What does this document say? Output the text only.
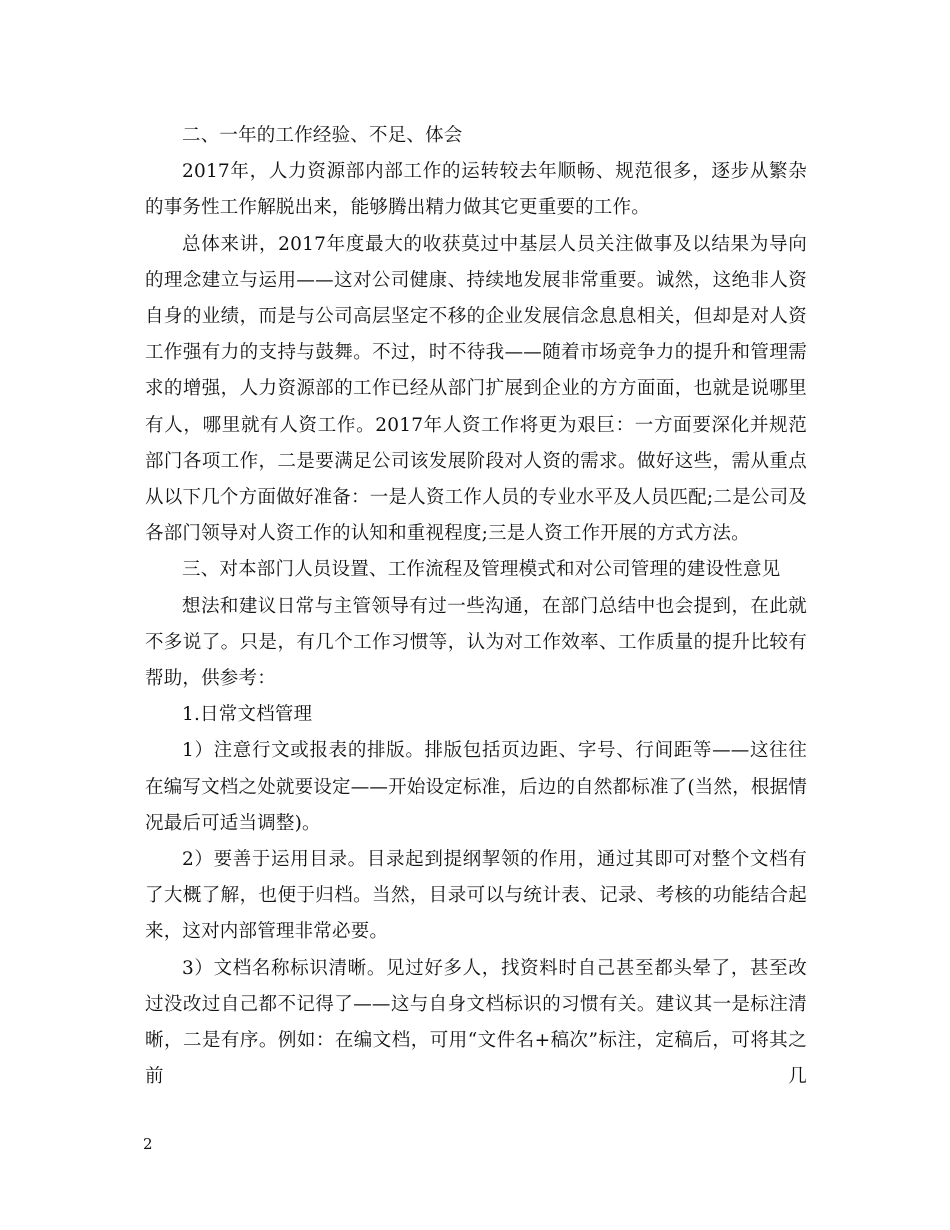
二、一年的工作经验、不足、体会

2017年，人力资源部内部工作的运转较去年顺畅、规范很多，逐步从繁杂的事务性工作解脱出来，能够腾出精力做其它更重要的工作。

总体来讲，2017年度最大的收获莫过中基层人员关注做事及以结果为导向的理念建立与运用——这对公司健康、持续地发展非常重要。诚然，这绝非人资自身的业绩，而是与公司高层坚定不移的企业发展信念息息相关，但却是对人资工作强有力的支持与鼓舞。不过，时不待我——随着市场竞争力的提升和管理需求的增强，人力资源部的工作已经从部门扩展到企业的方方面面，也就是说哪里有人，哪里就有人资工作。2017年人资工作将更为艰巨：一方面要深化并规范部门各项工作，二是要满足公司该发展阶段对人资的需求。做好这些，需从重点从以下几个方面做好准备：一是人资工作人员的专业水平及人员匹配;二是公司及各部门领导对人资工作的认知和重视程度;三是人资工作开展的方式方法。

三、对本部门人员设置、工作流程及管理模式和对公司管理的建设性意见

想法和建议日常与主管领导有过一些沟通，在部门总结中也会提到，在此就不多说了。只是，有几个工作习惯等，认为对工作效率、工作质量的提升比较有帮助，供参考：

1.日常文档管理

1）注意行文或报表的排版。排版包括页边距、字号、行间距等——这往往在编写文档之处就要设定——开始设定标准，后边的自然都标准了(当然，根据情况最后可适当调整)。

2）要善于运用目录。目录起到提纲挈领的作用，通过其即可对整个文档有了大概了解，也便于归档。当然，目录可以与统计表、记录、考核的功能结合起来，这对内部管理非常必要。

3）文档名称标识清晰。见过好多人，找资料时自己甚至都头晕了，甚至改过没改过自己都不记得了——这与自身文档标识的习惯有关。建议其一是标注清晰，二是有序。例如：在编文档，可用“文件名+稿次”标注，定稿后，可将其之前几

2
